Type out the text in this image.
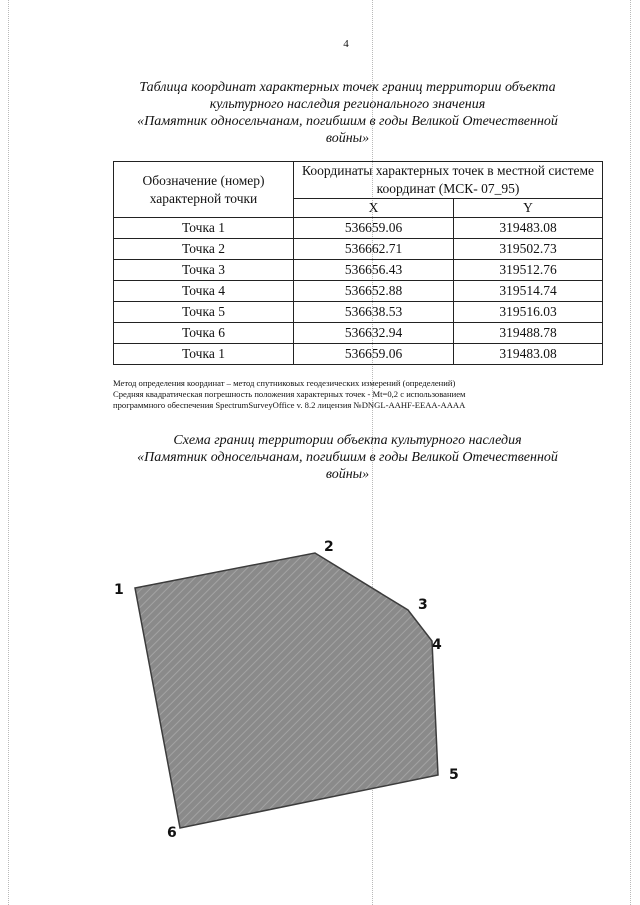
4
Таблица координат характерных точек границ территории объекта
культурного наследия регионального значения
«Памятник односельчанам, погибшим в годы Великой Отечественной
войны»
Обозначение (номер) характерной точки	Координаты характерных точек в местной системе координат (МСК- 07_95)	
	X	Y
Точка 1	536659.06	319483.08
Точка 2	536662.71	319502.73
Точка 3	536656.43	319512.76
Точка 4	536652.88	319514.74
Точка 5	536638.53	319516.03
Точка 6	536632.94	319488.78
Точка 1	536659.06	319483.08
Метод определения координат – метод спутниковых геодезических измерений (определений)
Средняя квадратическая погрешность положения характерных точек - Mt=0,2 с использованием
программного обеспечения SpectrumSurveyOffice v. 8.2 лицензия №DNGL-AAHF-EEAA-AAAA
Схема границ территории объекта культурного наследия
«Памятник односельчанам, погибшим в годы Великой Отечественной
войны»
1
2
3
4
5
6
